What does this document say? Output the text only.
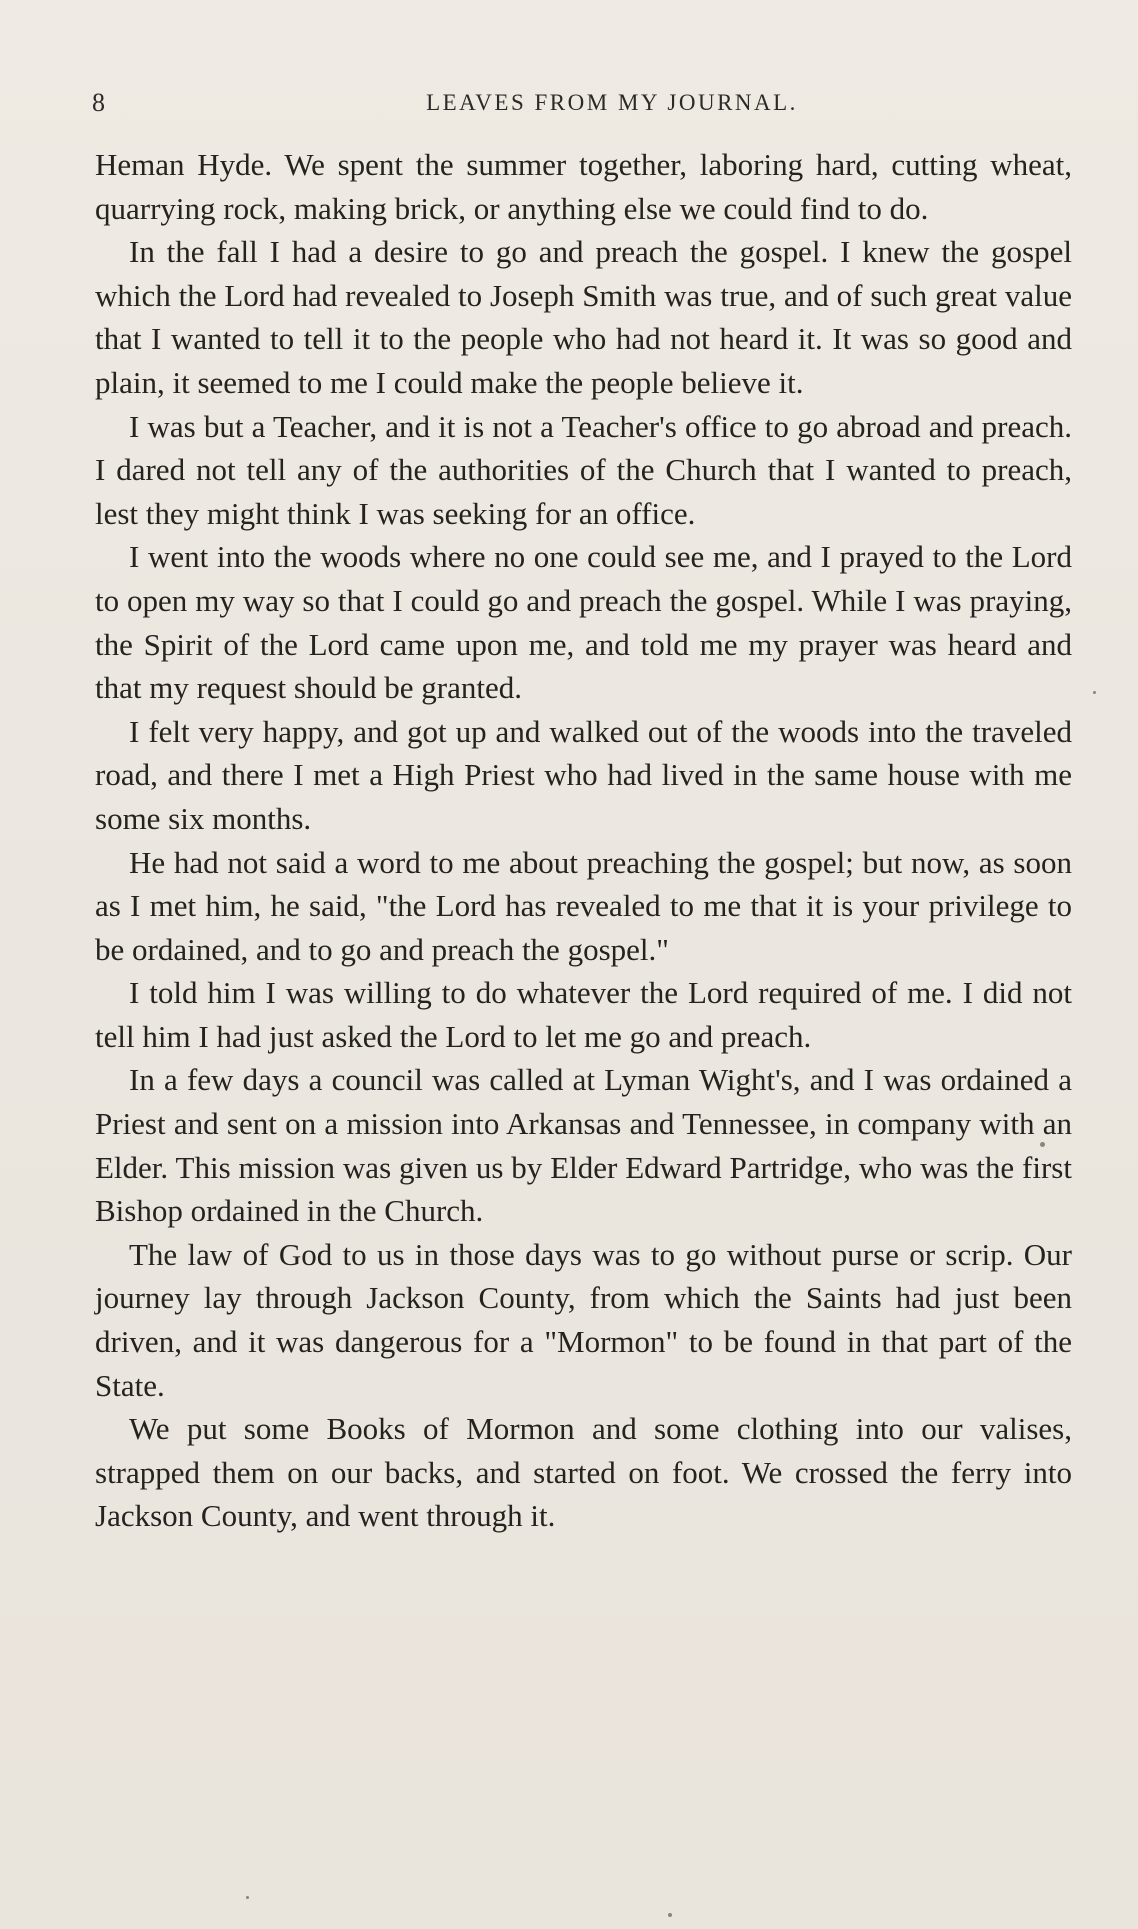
8	LEAVES FROM MY JOURNAL.

Heman Hyde. We spent the summer together, laboring hard, cutting wheat, quarrying rock, making brick, or anything else we could find to do.

In the fall I had a desire to go and preach the gospel. I knew the gospel which the Lord had revealed to Joseph Smith was true, and of such great value that I wanted to tell it to the people who had not heard it. It was so good and plain, it seemed to me I could make the people believe it.

I was but a Teacher, and it is not a Teacher's office to go abroad and preach. I dared not tell any of the authorities of the Church that I wanted to preach, lest they might think I was seeking for an office.

I went into the woods where no one could see me, and I prayed to the Lord to open my way so that I could go and preach the gospel. While I was praying, the Spirit of the Lord came upon me, and told me my prayer was heard and that my request should be granted.

I felt very happy, and got up and walked out of the woods into the traveled road, and there I met a High Priest who had lived in the same house with me some six months.

He had not said a word to me about preaching the gospel; but now, as soon as I met him, he said, "the Lord has revealed to me that it is your privilege to be ordained, and to go and preach the gospel."

I told him I was willing to do whatever the Lord required of me. I did not tell him I had just asked the Lord to let me go and preach.

In a few days a council was called at Lyman Wight's, and I was ordained a Priest and sent on a mission into Arkansas and Tennessee, in company with an Elder. This mission was given us by Elder Edward Partridge, who was the first Bishop ordained in the Church.

The law of God to us in those days was to go without purse or scrip. Our journey lay through Jackson County, from which the Saints had just been driven, and it was dangerous for a "Mormon" to be found in that part of the State.

We put some Books of Mormon and some clothing into our valises, strapped them on our backs, and started on foot. We crossed the ferry into Jackson County, and went through it.
